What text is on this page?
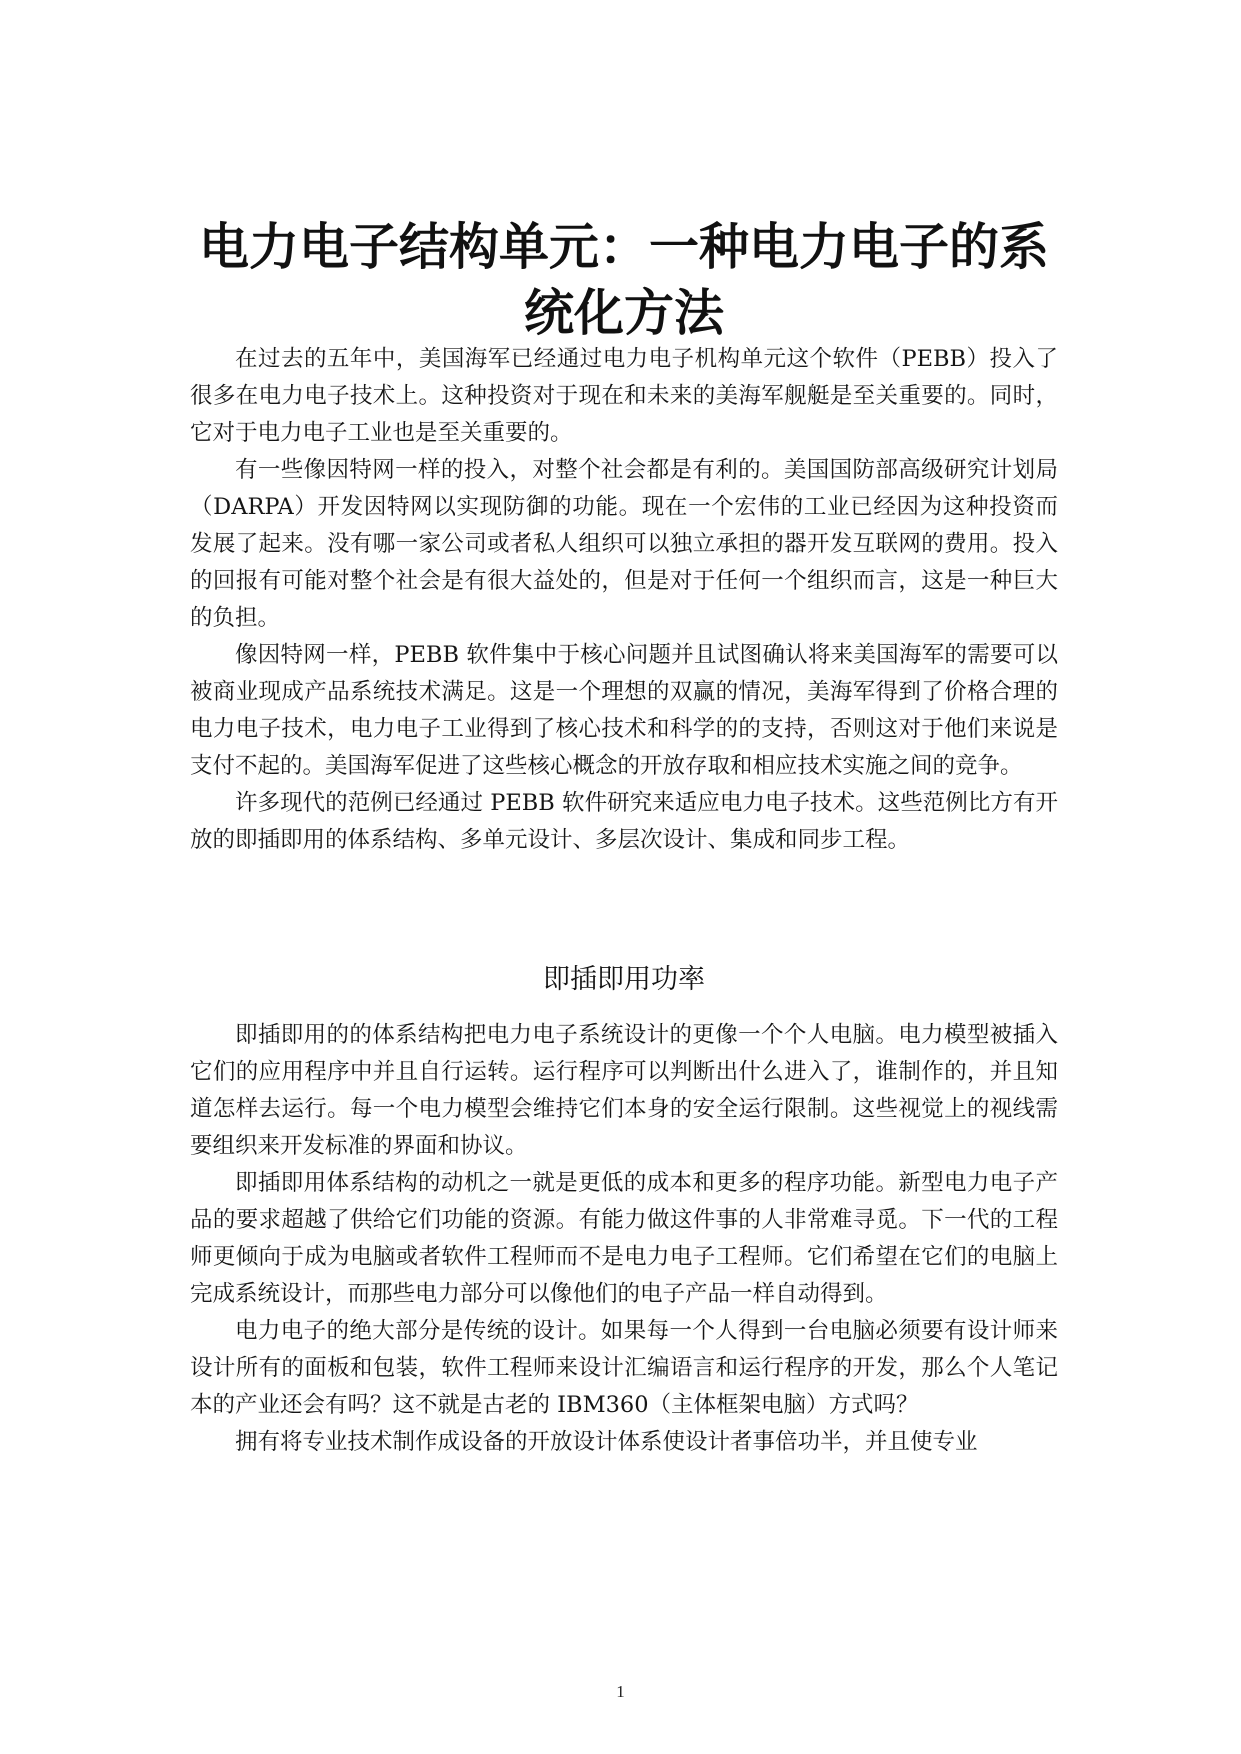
电力电子结构单元：一种电力电子的系统化方法

在过去的五年中，美国海军已经通过电力电子机构单元这个软件（PEBB）投入了很多在电力电子技术上。这种投资对于现在和未来的美海军舰艇是至关重要的。同时，它对于电力电子工业也是至关重要的。

有一些像因特网一样的投入，对整个社会都是有利的。美国国防部高级研究计划局（DARPA）开发因特网以实现防御的功能。现在一个宏伟的工业已经因为这种投资而发展了起来。没有哪一家公司或者私人组织可以独立承担的器开发互联网的费用。投入的回报有可能对整个社会是有很大益处的，但是对于任何一个组织而言，这是一种巨大的负担。

像因特网一样，PEBB 软件集中于核心问题并且试图确认将来美国海军的需要可以被商业现成产品系统技术满足。这是一个理想的双赢的情况，美海军得到了价格合理的电力电子技术，电力电子工业得到了核心技术和科学的的支持，否则这对于他们来说是支付不起的。美国海军促进了这些核心概念的开放存取和相应技术实施之间的竞争。

许多现代的范例已经通过 PEBB 软件研究来适应电力电子技术。这些范例比方有开放的即插即用的体系结构、多单元设计、多层次设计、集成和同步工程。

即插即用功率

即插即用的的体系结构把电力电子系统设计的更像一个个人电脑。电力模型被插入它们的应用程序中并且自行运转。运行程序可以判断出什么进入了，谁制作的，并且知道怎样去运行。每一个电力模型会维持它们本身的安全运行限制。这些视觉上的视线需要组织来开发标准的界面和协议。

即插即用体系结构的动机之一就是更低的成本和更多的程序功能。新型电力电子产品的要求超越了供给它们功能的资源。有能力做这件事的人非常难寻觅。下一代的工程师更倾向于成为电脑或者软件工程师而不是电力电子工程师。它们希望在它们的电脑上完成系统设计，而那些电力部分可以像他们的电子产品一样自动得到。

电力电子的绝大部分是传统的设计。如果每一个人得到一台电脑必须要有设计师来设计所有的面板和包装，软件工程师来设计汇编语言和运行程序的开发，那么个人笔记本的产业还会有吗？这不就是古老的 IBM360（主体框架电脑）方式吗？

拥有将专业技术制作成设备的开放设计体系使设计者事倍功半，并且使专业

1
